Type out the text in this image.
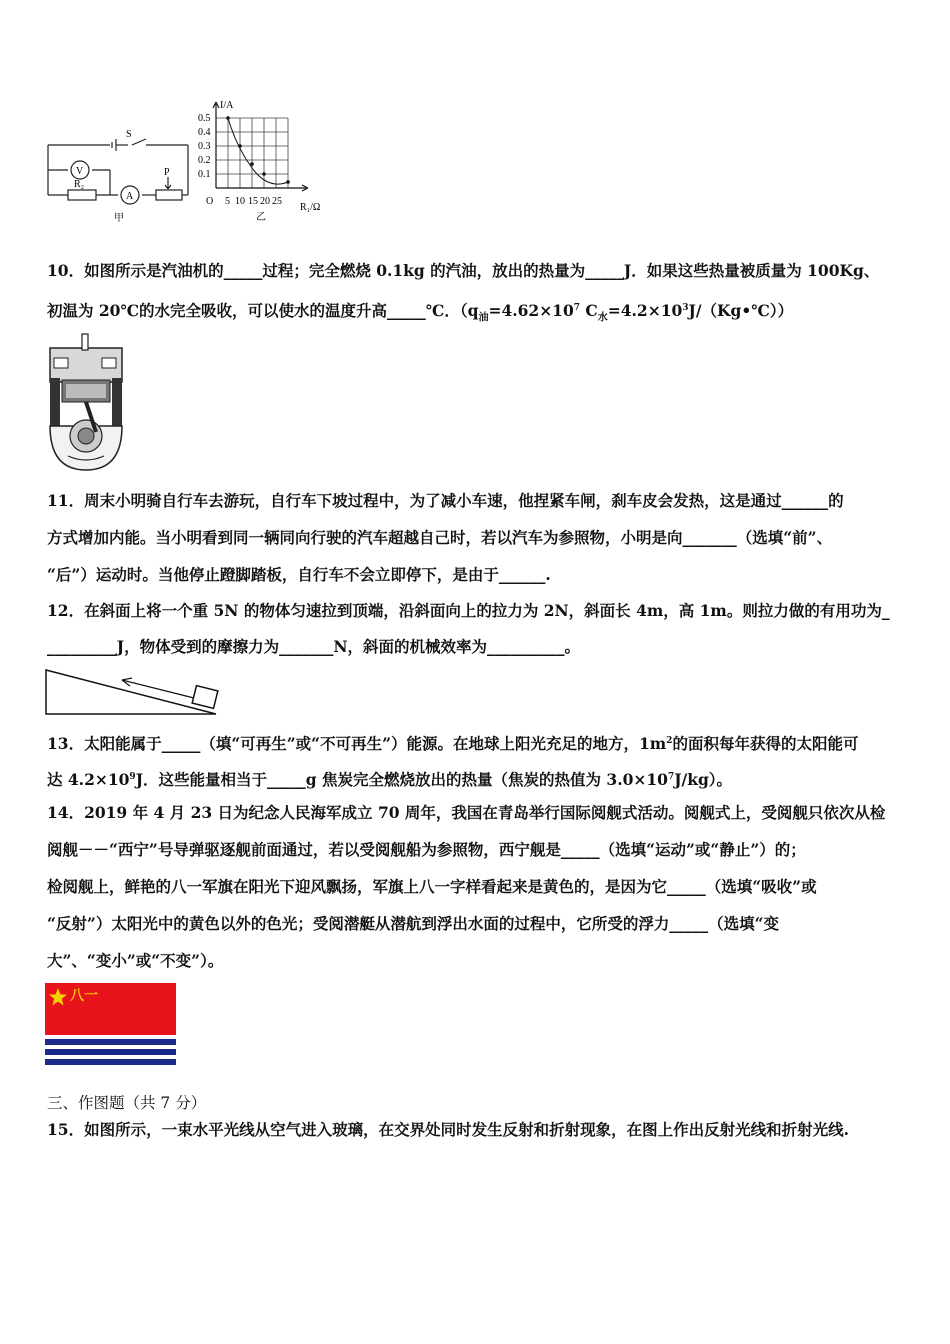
S
V
R₂
A
P
甲
I/A
0.5
0.4
0.3
0.2
0.1
O 5 10 15 20 25
R₁/Ω
乙
10．如图所示是汽油机的_____过程；完全燃烧 0.1kg 的汽油，放出的热量为_____J．如果这些热量被质量为 100Kg、
初温为 20℃的水完全吸收，可以使水的温度升高_____℃．（$q_油=4.62\times 10^7$ $C_水=4.2\times 10^3J/(Kg•℃)$）
11．周末小明骑自行车去游玩，自行车下坡过程中，为了减小车速，他捏紧车闸，刹车皮会发热，这是通过______的
方式增加内能。当小明看到同一辆同向行驶的汽车超越自己时，若以汽车为参照物，小明是向_______（选填“前”、
“后”）运动时。当他停止蹬脚踏板，自行车不会立即停下，是由于______.
12．在斜面上将一个重 5N 的物体匀速拉到顶端，沿斜面向上的拉力为 2N，斜面长 4m，高 1m。则拉力做的有用功为_
_________J，物体受到的摩擦力为_______N，斜面的机械效率为__________。
13．太阳能属于_____（填“可再生”或“不可再生”）能源。在地球上阳光充足的地方，$1m^2$的面积每年获得的太阳能可
达 $4.2\times 10^9J$．这些能量相当于_____g 焦炭完全燃烧放出的热量（焦炭的热值为 $3.0\times 10^7J/kg$）。
14．2019 年 4 月 23 日为纪念人民海军成立 70 周年，我国在青岛举行国际阅舰式活动。阅舰式上，受阅舰只依次从检
阅舰－－“西宁”号导弹驱逐舰前面通过，若以受阅舰船为参照物，西宁舰是_____（选填“运动”或“静止”）的；
检阅舰上，鲜艳的八一军旗在阳光下迎风飘扬，军旗上八一字样看起来是黄色的，是因为它_____（选填“吸收”或
“反射”）太阳光中的黄色以外的色光；受阅潜艇从潜航到浮出水面的过程中，它所受的浮力_____（选填“变
大”、“变小”或“不变”）。
八一
三、作图题（共 7 分）
15．如图所示，一束水平光线从空气进入玻璃，在交界处同时发生反射和折射现象，在图上作出反射光线和折射光线.
